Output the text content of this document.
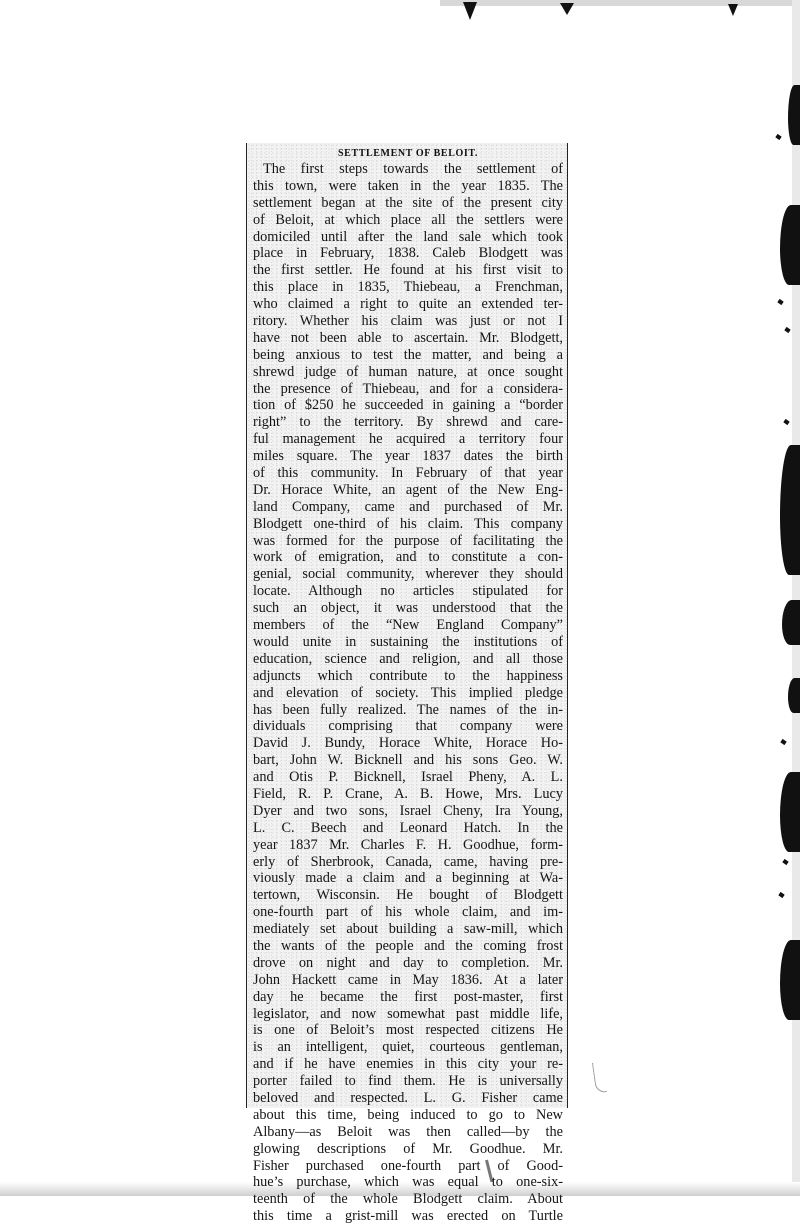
SETTLEMENT OF BELOIT.
The first steps towards the settlement of
this town, were taken in the year 1835. The
settlement began at the site of the present city
of Beloit, at which place all the settlers were
domiciled until after the land sale which took
place in February, 1838. Caleb Blodgett was
the first settler. He found at his first visit to
this place in 1835, Thiebeau, a Frenchman,
who claimed a right to quite an extended ter-
ritory. Whether his claim was just or not I
have not been able to ascertain. Mr. Blodgett,
being anxious to test the matter, and being a
shrewd judge of human nature, at once sought
the presence of Thiebeau, and for a considera-
tion of $250 he succeeded in gaining a “border
right” to the territory. By shrewd and care-
ful management he acquired a territory four
miles square. The year 1837 dates the birth
of this community. In February of that year
Dr. Horace White, an agent of the New Eng-
land Company, came and purchased of Mr.
Blodgett one-third of his claim. This company
was formed for the purpose of facilitating the
work of emigration, and to constitute a con-
genial, social community, wherever they should
locate. Although no articles stipulated for
such an object, it was understood that the
members of the “New England Company”
would unite in sustaining the institutions of
education, science and religion, and all those
adjuncts which contribute to the happiness
and elevation of society. This implied pledge
has been fully realized. The names of the in-
dividuals comprising that company were
David J. Bundy, Horace White, Horace Ho-
bart, John W. Bicknell and his sons Geo. W.
and Otis P. Bicknell, Israel Pheny, A. L.
Field, R. P. Crane, A. B. Howe, Mrs. Lucy
Dyer and two sons, Israel Cheny, Ira Young,
L. C. Beech and Leonard Hatch. In the
year 1837 Mr. Charles F. H. Goodhue, form-
erly of Sherbrook, Canada, came, having pre-
viously made a claim and a beginning at Wa-
tertown, Wisconsin. He bought of Blodgett
one-fourth part of his whole claim, and im-
mediately set about building a saw-mill, which
the wants of the people and the coming frost
drove on night and day to completion. Mr.
John Hackett came in May 1836. At a later
day he became the first post-master, first
legislator, and now somewhat past middle life,
is one of Beloit’s most respected citizens He
is an intelligent, quiet, courteous gentleman,
and if he have enemies in this city your re-
porter failed to find them. He is universally
beloved and respected. L. G. Fisher came
about this time, being induced to go to New
Albany—as Beloit was then called—by the
glowing descriptions of Mr. Goodhue. Mr.
Fisher purchased one-fourth part of Good-
hue’s purchase, which was equal to one-six-
teenth of the whole Blodgett claim. About
this time a grist-mill was erected on Turtle
